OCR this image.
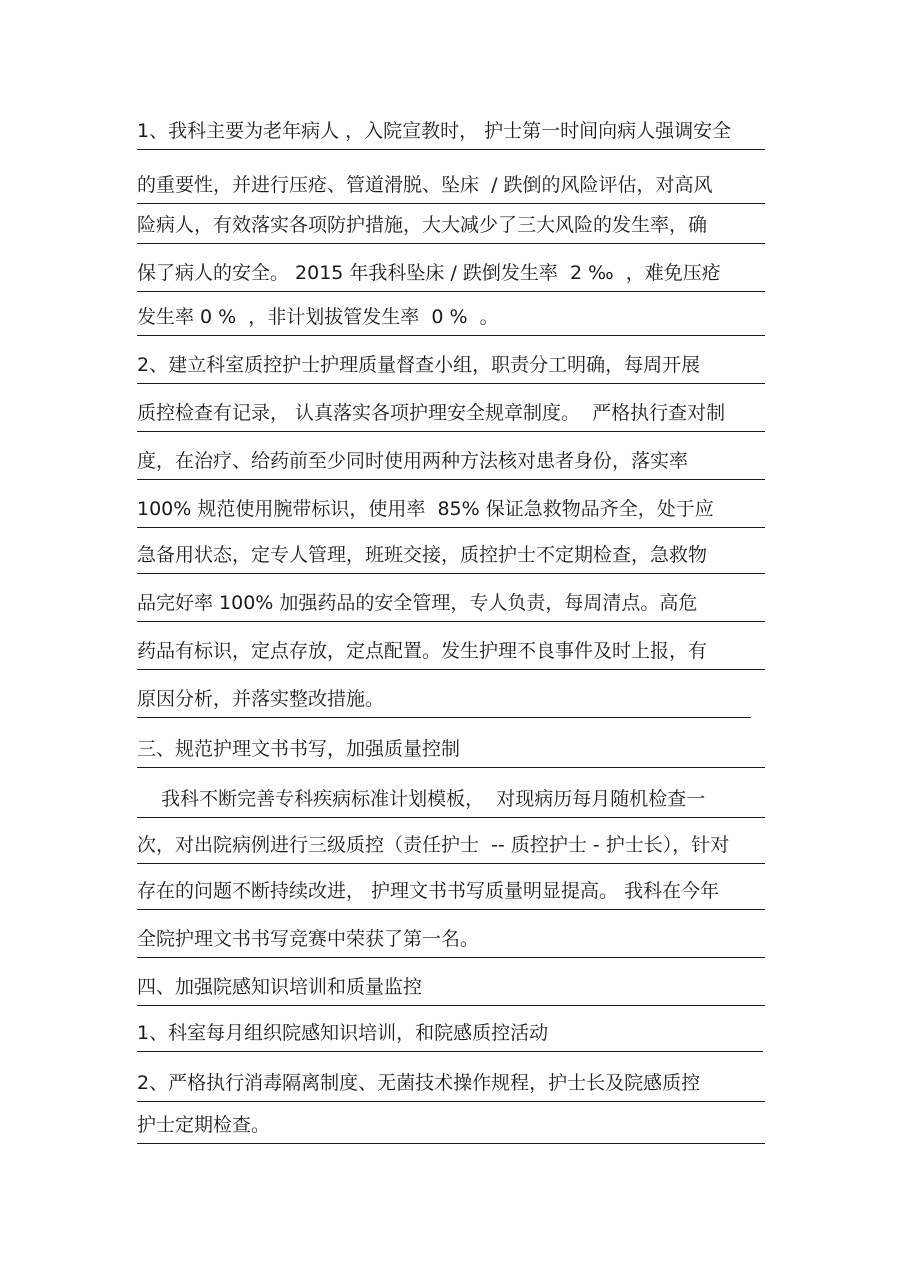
1、我科主要为老年病人 ，入院宣教时， 护士第一时间向病人强调安全
的重要性，并进行压疮、管道滑脱、坠床  / 跌倒的风险评估，对高风
险病人，有效落实各项防护措施，大大减少了三大风险的发生率，确
保了病人的安全。 2015 年我科坠床 / 跌倒发生率  2 ‰  ，难免压疮
发生率 0 %  ，非计划拔管发生率  0 %  。
2、建立科室质控护士护理质量督查小组，职责分工明确，每周开展
质控检查有记录， 认真落实各项护理安全规章制度。  严格执行查对制
度，在治疗、给药前至少同时使用两种方法核对患者身份，落实率
100% 规范使用腕带标识，使用率  85% 保证急救物品齐全，处于应
急备用状态，定专人管理，班班交接，质控护士不定期检查，急救物
品完好率 100% 加强药品的安全管理，专人负责，每周清点。高危
药品有标识，定点存放，定点配置。发生护理不良事件及时上报，有
原因分析，并落实整改措施。
三、规范护理文书书写，加强质量控制
我科不断完善专科疾病标准计划模板，  对现病历每月随机检查一
次，对出院病例进行三级质控（责任护士  -- 质控护士 - 护士长），针对
存在的问题不断持续改进， 护理文书书写质量明显提高。 我科在今年
全院护理文书书写竞赛中荣获了第一名。
四、加强院感知识培训和质量监控
1、科室每月组织院感知识培训，和院感质控活动
2、严格执行消毒隔离制度、无菌技术操作规程，护士长及院感质控
护士定期检查。
